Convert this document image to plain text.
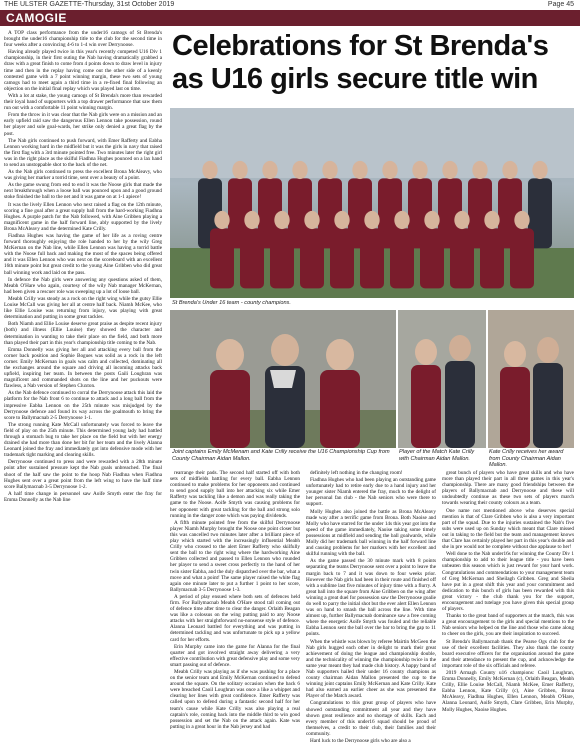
THE ULSTER GAZETTE-Thursday, 31st October 2019	Page 45
CAMOGIE

A TOP class performance from the under16 camogs of St Brenda's brought the under16 championship title to the club for the second time in four weeks after a convincing 4-6 to 1-4 win over Derrynoose.

Having already played twice in this year's recently competed U16 Div 1 championship, in their first outing the Nab having dramatically grabbed a draw with a great finish to come from 4 points down to draw level in injury time and then in the replay having come out the other side of a keenly contested game with a 7 point winning margin, these two sets of young camogs had to meet again a third time in a re-fixed final following an objection on the initial final replay which was played last on time.

With a lot at stake, the young camogs of St Brenda's more than rewarded their loyal band of supporters with a top drawer performance that saw them run out with a comfortable 11 point winning margin.

From the throw in it was clear that the Nab girls were on a mission and an early upfield raid saw the dangerous Ellen Lennon take possession, round her player and sole goal-wards, her strike only denied a great flag by the post.

The Nab girls continued to push forward, with Emer Rafferty and Eabha Lennon working hard in the midfield but it was the girls in navy that raised the first flag with a 3rd minute pointed free. Two minutes later the right girl was in the right place as the skilful Fiadhna Hughes pounced on a lax hand to send an unstoppable shot to the back of the net.

As the Nab girls continued to press the excellent Brona McAleavy, who was giving her marker a torrid time, sent over a beauty of a point.

As the game swung from end to end it was the Noose girls that made the next breakthrough when a loose ball was pounced upon and a good ground stoke finished the ball to the net and it was game on at 1-1 apiece!

It was the lively Ellen Lennon who next raised a flag on the 12th minute, scoring a fine goal after a great supply ball from the hard-working Fiadhna Hughes. A purple patch for the Nab followed, with Aine Gribben playing a magnificent game in the half forward line, ably supported by the lively Brona McAleavy and the determined Kate Crilly.

Fiadhna Hughes was having the game of her life as a roving centre forward thoroughly enjoying the role handed to her by the wily Greg McKernan on the Nab line, while Ellen Lennon was having a torrid battle with the Noose full back and making the most of the spaces being offered and it was Ellen Lennon who was next on the scoreboard with an excellent 16th minute point but great credit to the young Aine Gribben who did great ball winning work and laid on the pass.

In defence the Nab girls were answering any questions asked of them, Meabh O'Hare who again, courtesy of the wily Nab manager McKernan, had been given a rescuer role was sweeping up a lot of loose ball.

Meabh Crilly was steady as a rock on the right wing while the gutsy Ellie Louise McCall was giving her all at centre half back. Niamh McKee, who like Ellie Louise was returning from injury, was playing with great determination and putting in some great tackles.

Both Niamh and Ellie Louise deserve great praise as despite recent injury (both) and illness (Ellie Louise) they showed the character and determination in wanting to take their place on the field, and both more than played their part in this year's championship title coming to the Nab.

Emma Donnelly was giving her all and attacking every ball from the corner back position and Sophie Bogues was solid as a rock in the left corner. Emily McKernan in goals was calm and collected, dominating all the exchanges around the square and driving all incoming attacks back upfield, inspiring her team. In between the posts Gaili Loughran was magnificent and commanded shots on the line and her puckouts were flawless, a Nab version of Stephen Cluxton.

As the Nab defence continued to corral the Derrynoose attack this laid the platform for the Nab front 6 to continue to attack and a long ball from the impressive Eabha Lennon on the 25th minute was misjudged by the Derrynoose defence and found its way across the goalmouth to bring the score to Ballymacnab 2-5 Derrynoose 1-1.

The strong running Kate McCall unfortunately was forced to leave the field of play on the 25th minute. This determined young lady had battled through a stomach bug to take her place on the field but with her energy drained she had more than done her bit for her team and the lively Alanna Leonard joined the fray and immediately got into defensive mode with her trademark tight marking and clearing skills.

Derrynoose continued to press and were rewarded with a 28th minute point after sustained pressure kept the Nab goals unbreached. The final shoot of the half saw the point to the hoop Nab Fiadhna when Fiadhna Hughes sent over a great point from the left wing to have the half time score Ballymacnab 3-5 Derrynoose 1-2.

A half time change in personnel saw Aoife Smyth enter the fray for Emma Donnelly as the Nab line

Celebrations for St Brenda's as U16 girls secure title win
St Brenda's Under 16 team - county champions.
Joint captains Emily McMenam and Kate Crilly receive the U16 Championship Cup from County Chairman Aidan Mallon.
Player of the Match Kate Crilly with Chairman Aidan Mallon.
Kate Crilly receives her award from County Chairman Aidan Mallon.

rearrange their pads. The second half started off with both sets of midfields battling for every ball. Eabha Lennon continued to make problems for her opponents and continued to send good supply ball into her attacking six while Emer Rafferty was tackling like a demon and was really taking the game to the Noose. Aoife Smyth was causing problems for her opponent with great tackling for the ball and strong solo running in the danger zone which was paying dividends.

A fifth minute pointed free from the skilful Derrynoose player Niamh Murphy brought the Noose one point closer but this was cancelled two minutes later after a brilliant piece of play which started with the increasingly influential Meabh Crilly who crossed to the alert Emer Rafferty who skilfully sent the ball to the right wing where the hardworking Aine Gribben collected and passed to Ellen Lennon who rounded her player to send a sweet cross perfectly to the hand of her twin sister Eabha, and the duly dispatched over the bar, what a move and what a point! The same player raised the white flag again one minute later to put a further 1 point to her score, Ballymacnab 3-5 Derrynoose 1-3.

A period of play ensued where both sets of defences held firm. For Ballymacnab Meabh O'Hare stood tall coming out of defence time after time to clear the danger. Orlaith Beagan was like a colossus on the wing putting paid to any Noose attacks with her straightforward no-nonsense style of defence. Alanna Leonard battled for everything and was putting in determined tackling and was unfortunate to pick up a yellow card for her efforts.

Erin Murphy came into the game for Alanna for the final quarter and got involved straight away delivering a very effective contribution with great defensive play and some very smart passing out of defence.

Meabh Crilly was playing as if she was pushing for a place on the senior team and Emily McKernan continued to defend around the square. On the solitary occasion when the back 6 were breached Caoil Loughran was once a like a whippet and clearing her lines with great confidence. Emer Rafferty was called upon to defend during a fantastic second half for her team's cause while Kate Crilly was also playing a real captain's role, coming back into the middle third to win good possession and set the Nab on the attack again. Kate was putting in a great hour in the Nab jersey and had

definitely left nothing in the changing room!

Fiadhna Hughes who had been playing an outstanding game unfortunately had to retire early due to a hand injury and her younger sister Niamh entered the fray, much to the delight of her personal fan club - the Nab seniors who were there to support.

Molly Hughes also joined the battle as Brona McAleavy made way after a terrific game from Brona. Both Naoise and Molly who have starred for the under 14s this year got into the speed of the game immediately, Naoise taking some timely possessions at midfield and sending the ball goalwards, while Molly did her trademark ball winning in the half forward line and causing problems for her markers with her excellent and skilful running with the ball.

As the game passed the 30 minute mark with 8 points separating the teams Derrynoose sent over a point to leave the margin back to 7 and it was down to four weeks prior. However the Nab girls had been in their route and finished off with a sublime last five minutes of injury time with a flurry. A great ball into the square from Aine Gribben on the wing after winning a great duel for possession saw the Derrynoose goalie do well to parry the initial shot but the ever alert Ellen Lennon was on hand to smash the ball across the line. With time almost up, further Ballymacnab dominance saw a free coming where the energetic Aoife Smyth was fouled and the reliable Eabha Lennon sent the ball over the bar to bring the gap to 11 points.

When the whistle was blown by referee Mairtin McGeen the Nab girls hugged each other in delight to mark their great achievement of doing the league and championship double, and the technicality of winning the championship twice in the same year meant they had made club history. A happy band of Nab supporters hailed their under 16 county champions as county chairman Aidan Mallon presented the cup to the winning joint captains Emily McKernan and Kate Crilly. Kate had also earned an earlier cheer as she was presented the Player of the Match award.

Congratulations to this great group of players who have showed outstanding commitment all year and they have shown great resilience and no shortage of skills. Each and every member of this under16 squad should be proud of themselves, a credit to their club, their families and their community.

Hard luck to the Derrynoose girls who are also a

great bunch of players who have great skills and who have more than played their part in all three games in this year's championship. There are many good friendships between the players of Ballymacnab and Derrynoose and these will undoubtedly continue as these two sets of players march towards wearing their county colours as a team.

One name not mentioned above who deserves special mention is that of Clare Gribben who is also a very important part of the squad. Due to the injuries sustained the Nab's five subs were used up on Sunday which meant that Clare missed out in taking to the field but the team and management knows that Clare has certainly played her part in this year's double and she in pre would not be complete without due applause to her!

Well done to the Nab under16s for winning the County Div 1 championship to add to their league title - you have been unbeaten this season which is just reward for your hard work. Congratulations and commendations to your management team of Greg McKernan and Sheilagh Gribben. Greg and Sheila have put in a great shift this year and your commitment and dedication to this bunch of girls has been rewarded with this great victory - the club thank you for the support, encouragement and tutelage you have given this special group of players.

Thanks to the great band of supporters at the match, this was a great encouragement to the girls and special mentions to the Nab seniors who helped on the line and those who came along to cheer on the girls, you are their inspiration to succeed.

St Brenda's Ballymacnab thank the Pearse Ogs club for the use of their excellent facilities. They also thank the county board executive officers for the organisation around the game and their attendance to present the cup, and acknowledge the important role of the six officials and referee.

2019 Armagh County u16 champions: Caoil Loughran, Emma Donnelly, Emily McKernan (c), Orlaith Beagan, Meabh Crilly, Ellie Louise McCall, Niamh McKee, Emer Rafferty, Eabha Lennon, Kate Crilly (c), Aine Gribben, Brona McAleavy, Fiadhna Hughes, Ellen Lennon, Meabh O'Hare, Alanna Leonard, Aoife Smyth, Clare Gribben, Erin Murphy, Molly Hughes, Naoise Hughes.
